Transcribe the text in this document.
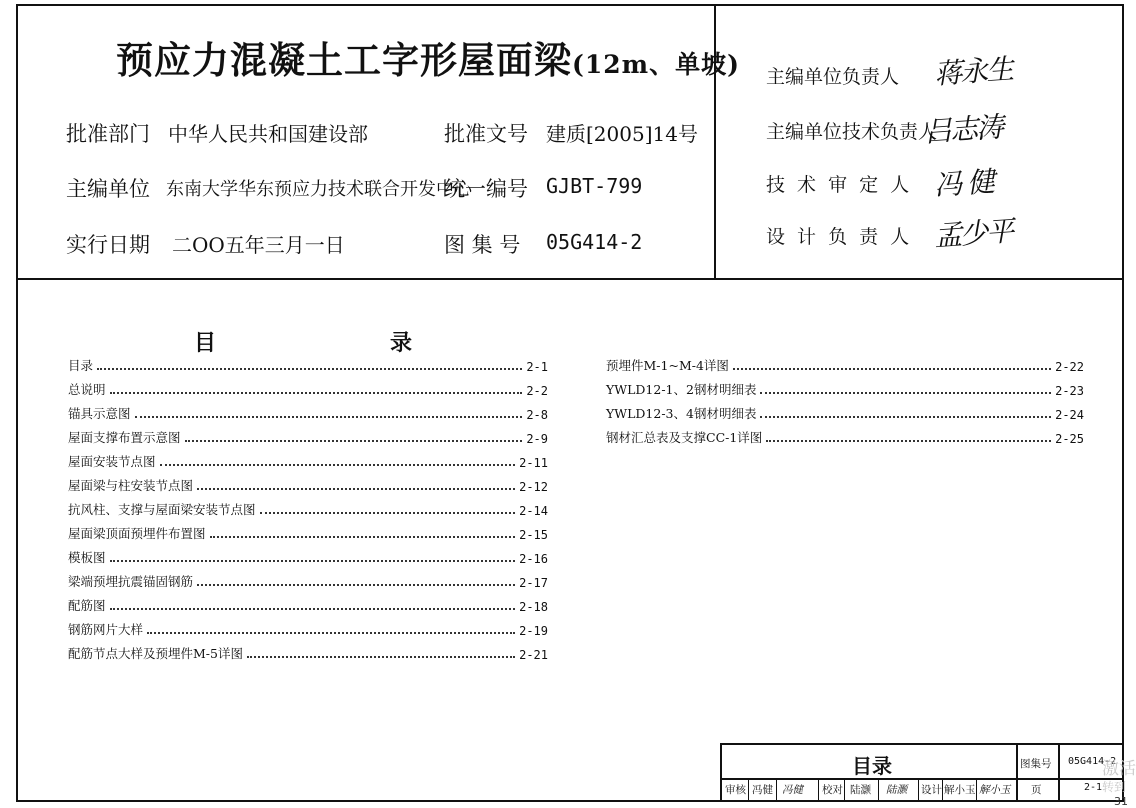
预应力混凝土工字形屋面梁(12m、单坡)
批准部门 中华人民共和国建设部
主编单位 东南大学华东预应力技术联合开发中心
实行日期 二OO五年三月一日
批准文号 建质[2005]14号
统一编号 GJBT-799
图 集 号 05G414-2
主编单位负责人 蒋永生
主编单位技术负责人
吕志涛
技 术 审 定 人 冯 健
设 计 负 责 人 孟少平
目	录
目录	2-1
总说明	2-2
锚具示意图	2-8
屋面支撑布置示意图	2-9
屋面安装节点图	2-11
屋面梁与柱安装节点图	2-12
抗风柱、支撑与屋面梁安装节点图	2-14
屋面梁顶面预埋件布置图	2-15
模板图	2-16
梁端预埋抗震锚固钢筋	2-17
配筋图	2-18
钢筋网片大样	2-19
配筋节点大样及预埋件M-5详图	2-21
预埋件M-1~M-4详图	2-22
YWLD12-1、2钢材明细表	2-23
YWLD12-3、4钢材明细表	2-24
钢材汇总表及支撑CC-1详图	2-25
目录	图集号 05G414-2
审核 冯健 冯健 校对 陆灏 陆灏 设计 解小玉 解小玉 页	2-1
31
激活
转到
